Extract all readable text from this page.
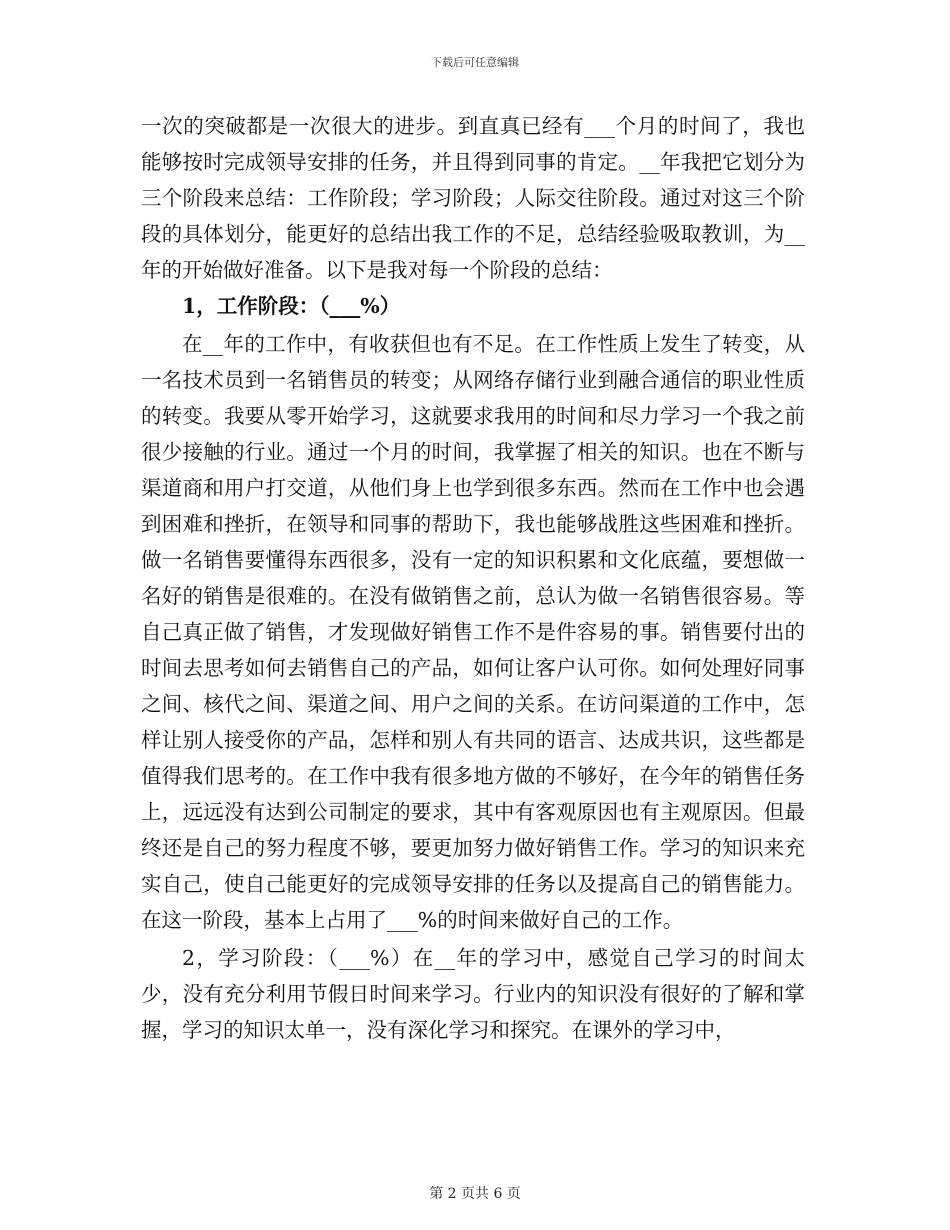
下载后可任意编辑

一次的突破都是一次很大的进步。到直真已经有___个月的时间了，我也能够按时完成领导安排的任务，并且得到同事的肯定。__年我把它划分为三个阶段来总结：工作阶段；学习阶段；人际交往阶段。通过对这三个阶段的具体划分，能更好的总结出我工作的不足，总结经验吸取教训，为__年的开始做好准备。以下是我对每一个阶段的总结：

1，工作阶段：（___%）

在__年的工作中，有收获但也有不足。在工作性质上发生了转变，从一名技术员到一名销售员的转变；从网络存储行业到融合通信的职业性质的转变。我要从零开始学习，这就要求我用的时间和尽力学习一个我之前很少接触的行业。通过一个月的时间，我掌握了相关的知识。也在不断与渠道商和用户打交道，从他们身上也学到很多东西。然而在工作中也会遇到困难和挫折，在领导和同事的帮助下，我也能够战胜这些困难和挫折。做一名销售要懂得东西很多，没有一定的知识积累和文化底蕴，要想做一名好的销售是很难的。在没有做销售之前，总认为做一名销售很容易。等自己真正做了销售，才发现做好销售工作不是件容易的事。销售要付出的时间去思考如何去销售自己的产品，如何让客户认可你。如何处理好同事之间、核代之间、渠道之间、用户之间的关系。在访问渠道的工作中，怎样让别人接受你的产品，怎样和别人有共同的语言、达成共识，这些都是值得我们思考的。在工作中我有很多地方做的不够好，在今年的销售任务上，远远没有达到公司制定的要求，其中有客观原因也有主观原因。但最终还是自己的努力程度不够，要更加努力做好销售工作。学习的知识来充实自己，使自己能更好的完成领导安排的任务以及提高自己的销售能力。在这一阶段，基本上占用了___%的时间来做好自己的工作。

2，学习阶段：（___%）在__年的学习中，感觉自己学习的时间太少，没有充分利用节假日时间来学习。行业内的知识没有很好的了解和掌握，学习的知识太单一，没有深化学习和探究。在课外的学习中，

第 2 页共 6 页
